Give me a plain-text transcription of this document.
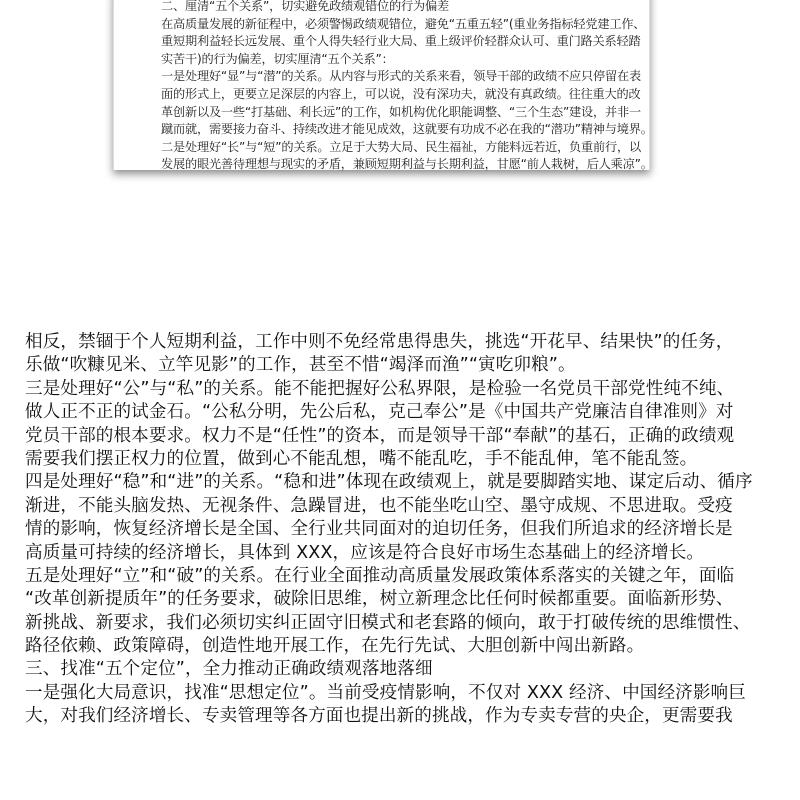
二、厘清“五个关系”，切实避免政绩观错位的行为偏差
在高质量发展的新征程中，必须警惕政绩观错位，避免“五重五轻”(重业务指标轻党建工作、
重短期利益轻长远发展、重个人得失轻行业大局、重上级评价轻群众认可、重门路关系轻踏
实苦干)的行为偏差，切实厘清“五个关系”：
一是处理好“显”与“潜”的关系。从内容与形式的关系来看，领导干部的政绩不应只停留在表
面的形式上，更要立足深层的内容上，可以说，没有深功夫，就没有真政绩。往往重大的改
革创新以及一些“打基础、利长远”的工作，如机构优化职能调整、“三个生态”建设，并非一
蹴而就，需要接力奋斗、持续改进才能见成效，这就要有功成不必在我的“潜功”精神与境界。
二是处理好“长”与“短”的关系。立足于大势大局、民生福祉，方能料远若近，负重前行，以
发展的眼光善待理想与现实的矛盾，兼顾短期利益与长期利益，甘愿“前人栽树，后人乘凉”。
相反，禁锢于个人短期利益，工作中则不免经常患得患失，挑选“开花早、结果快”的任务，
乐做“吹糠见米、立竿见影”的工作，甚至不惜“竭泽而渔”“寅吃卯粮”。
三是处理好“公”与“私”的关系。能不能把握好公私界限，是检验一名党员干部党性纯不纯、
做人正不正的试金石。“公私分明，先公后私，克己奉公”是《中国共产党廉洁自律准则》对
党员干部的根本要求。权力不是“任性”的资本，而是领导干部“奉献”的基石，正确的政绩观
需要我们摆正权力的位置，做到心不能乱想，嘴不能乱吃，手不能乱伸，笔不能乱签。
四是处理好“稳”和“进”的关系。“稳和进”体现在政绩观上，就是要脚踏实地、谋定后动、循序
渐进，不能头脑发热、无视条件、急躁冒进，也不能坐吃山空、墨守成规、不思进取。受疫
情的影响，恢复经济增长是全国、全行业共同面对的迫切任务，但我们所追求的经济增长是
高质量可持续的经济增长，具体到 XXX，应该是符合良好市场生态基础上的经济增长。
五是处理好“立”和“破”的关系。在行业全面推动高质量发展政策体系落实的关键之年，面临
“改革创新提质年”的任务要求，破除旧思维，树立新理念比任何时候都重要。面临新形势、
新挑战、新要求，我们必须切实纠正固守旧模式和老套路的倾向，敢于打破传统的思维惯性、
路径依赖、政策障碍，创造性地开展工作，在先行先试、大胆创新中闯出新路。
三、找准“五个定位”，全力推动正确政绩观落地落细
一是强化大局意识，找准“思想定位”。当前受疫情影响，不仅对 XXX 经济、中国经济影响巨
大，对我们经济增长、专卖管理等各方面也提出新的挑战，作为专卖专营的央企，更需要我
